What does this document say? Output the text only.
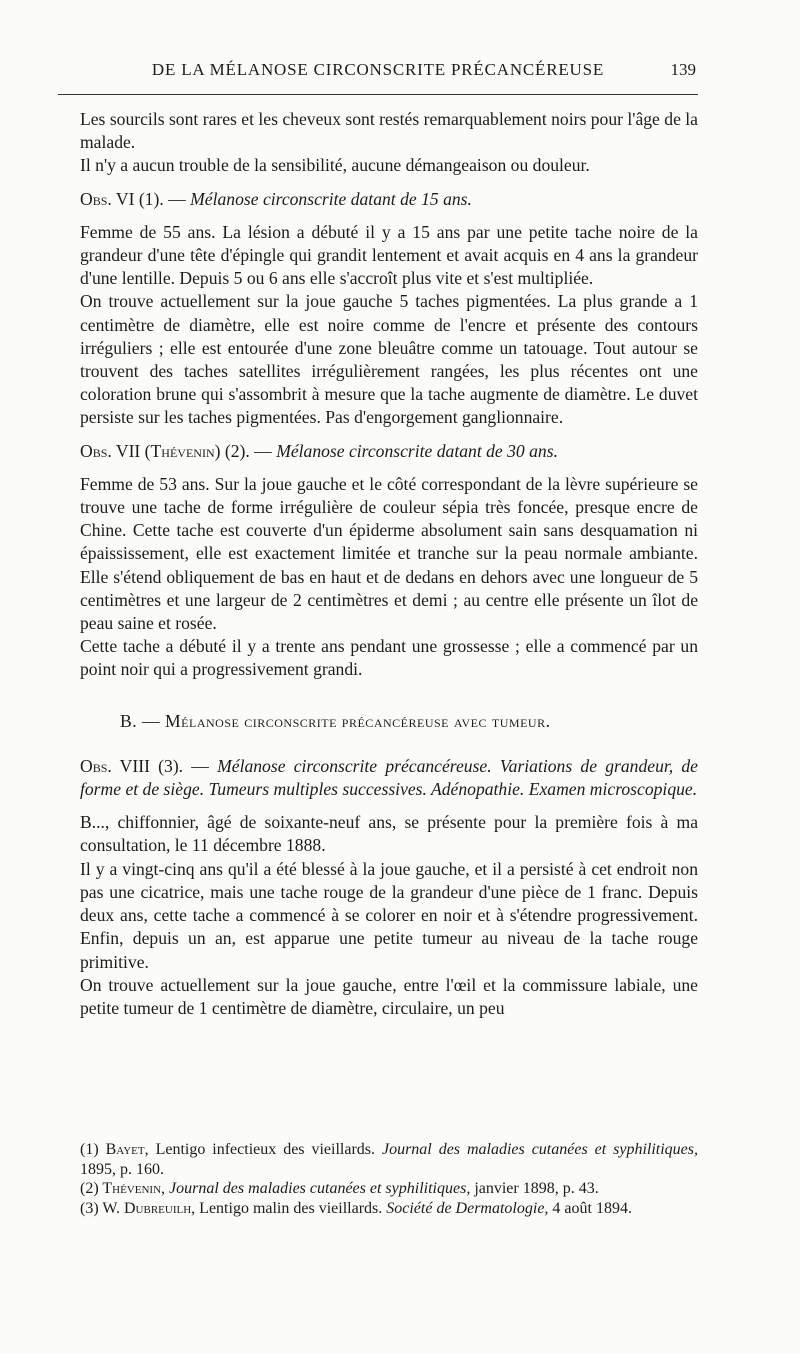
DE LA MÉLANOSE CIRCONSCRITE PRÉCANCÉREUSE	139

Les sourcils sont rares et les cheveux sont restés remarquablement noirs pour l'âge de la malade.

Il n'y a aucun trouble de la sensibilité, aucune démangeaison ou douleur.

Obs. VI (1). — Mélanose circonscrite datant de 15 ans.

Femme de 55 ans. La lésion a débuté il y a 15 ans par une petite tache noire de la grandeur d'une tête d'épingle qui grandit lentement et avait acquis en 4 ans la grandeur d'une lentille. Depuis 5 ou 6 ans elle s'accroît plus vite et s'est multipliée.

On trouve actuellement sur la joue gauche 5 taches pigmentées. La plus grande a 1 centimètre de diamètre, elle est noire comme de l'encre et présente des contours irréguliers ; elle est entourée d'une zone bleuâtre comme un tatouage. Tout autour se trouvent des taches satellites irrégulièrement rangées, les plus récentes ont une coloration brune qui s'assombrit à mesure que la tache augmente de diamètre. Le duvet persiste sur les taches pigmentées. Pas d'engorgement ganglionnaire.

Obs. VII (Thévenin) (2). — Mélanose circonscrite datant de 30 ans.

Femme de 53 ans. Sur la joue gauche et le côté correspondant de la lèvre supérieure se trouve une tache de forme irrégulière de couleur sépia très foncée, presque encre de Chine. Cette tache est couverte d'un épiderme absolument sain sans desquamation ni épaississement, elle est exactement limitée et tranche sur la peau normale ambiante. Elle s'étend obliquement de bas en haut et de dedans en dehors avec une longueur de 5 centimètres et une largeur de 2 centimètres et demi ; au centre elle présente un îlot de peau saine et rosée.

Cette tache a débuté il y a trente ans pendant une grossesse ; elle a commencé par un point noir qui a progressivement grandi.

B. — Mélanose circonscrite précancéreuse avec tumeur.

Obs. VIII (3). — Mélanose circonscrite précancéreuse. Variations de grandeur, de forme et de siège. Tumeurs multiples successives. Adénopathie. Examen microscopique.

B..., chiffonnier, âgé de soixante-neuf ans, se présente pour la première fois à ma consultation, le 11 décembre 1888.

Il y a vingt-cinq ans qu'il a été blessé à la joue gauche, et il a persisté à cet endroit non pas une cicatrice, mais une tache rouge de la grandeur d'une pièce de 1 franc. Depuis deux ans, cette tache a commencé à se colorer en noir et à s'étendre progressivement. Enfin, depuis un an, est apparue une petite tumeur au niveau de la tache rouge primitive.

On trouve actuellement sur la joue gauche, entre l'œil et la commissure labiale, une petite tumeur de 1 centimètre de diamètre, circulaire, un peu

(1) Bayet, Lentigo infectieux des vieillards. Journal des maladies cutanées et syphilitiques, 1895, p. 160.

(2) Thévenin, Journal des maladies cutanées et syphilitiques, janvier 1898, p. 43.

(3) W. Dubreuilh, Lentigo malin des vieillards. Société de Dermatologie, 4 août 1894.
